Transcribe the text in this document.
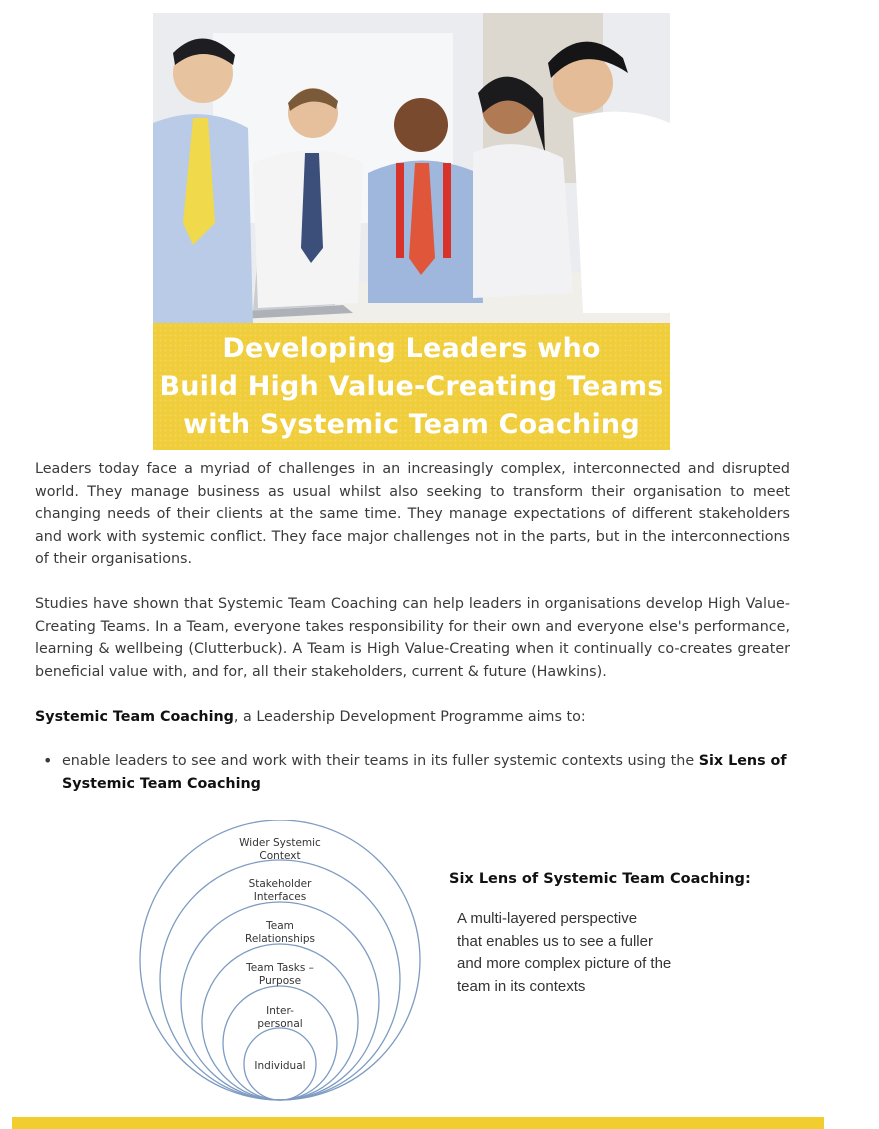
Developing Leaders who
Build High Value-Creating Teams
with Systemic Team Coaching

Leaders today face a myriad of challenges in an increasingly complex, interconnected and disrupted world. They manage business as usual whilst also seeking to transform their organisation to meet changing needs of their clients at the same time. They manage expectations of different stakeholders and work with systemic conflict. They face major challenges not in the parts, but in the interconnections of their organisations.

Studies have shown that Systemic Team Coaching can help leaders in organisations develop High Value-Creating Teams. In a Team, everyone takes responsibility for their own and everyone else's performance, learning & wellbeing (Clutterbuck). A Team is High Value-Creating when it continually co-creates greater beneficial value with, and for, all their stakeholders, current & future (Hawkins).

Systemic Team Coaching, a Leadership Development Programme aims to:

• enable leaders to see and work with their teams in its fuller systemic contexts using the Six Lens of Systemic Team Coaching
Wider Systemic
Context
Stakeholder
Interfaces
Team
Relationships
Team Tasks –
Purpose
Inter-
personal
Individual
Six Lens of Systemic Team Coaching:
A multi-layered perspective
that enables us to see a fuller
and more complex picture of the
team in its contexts
